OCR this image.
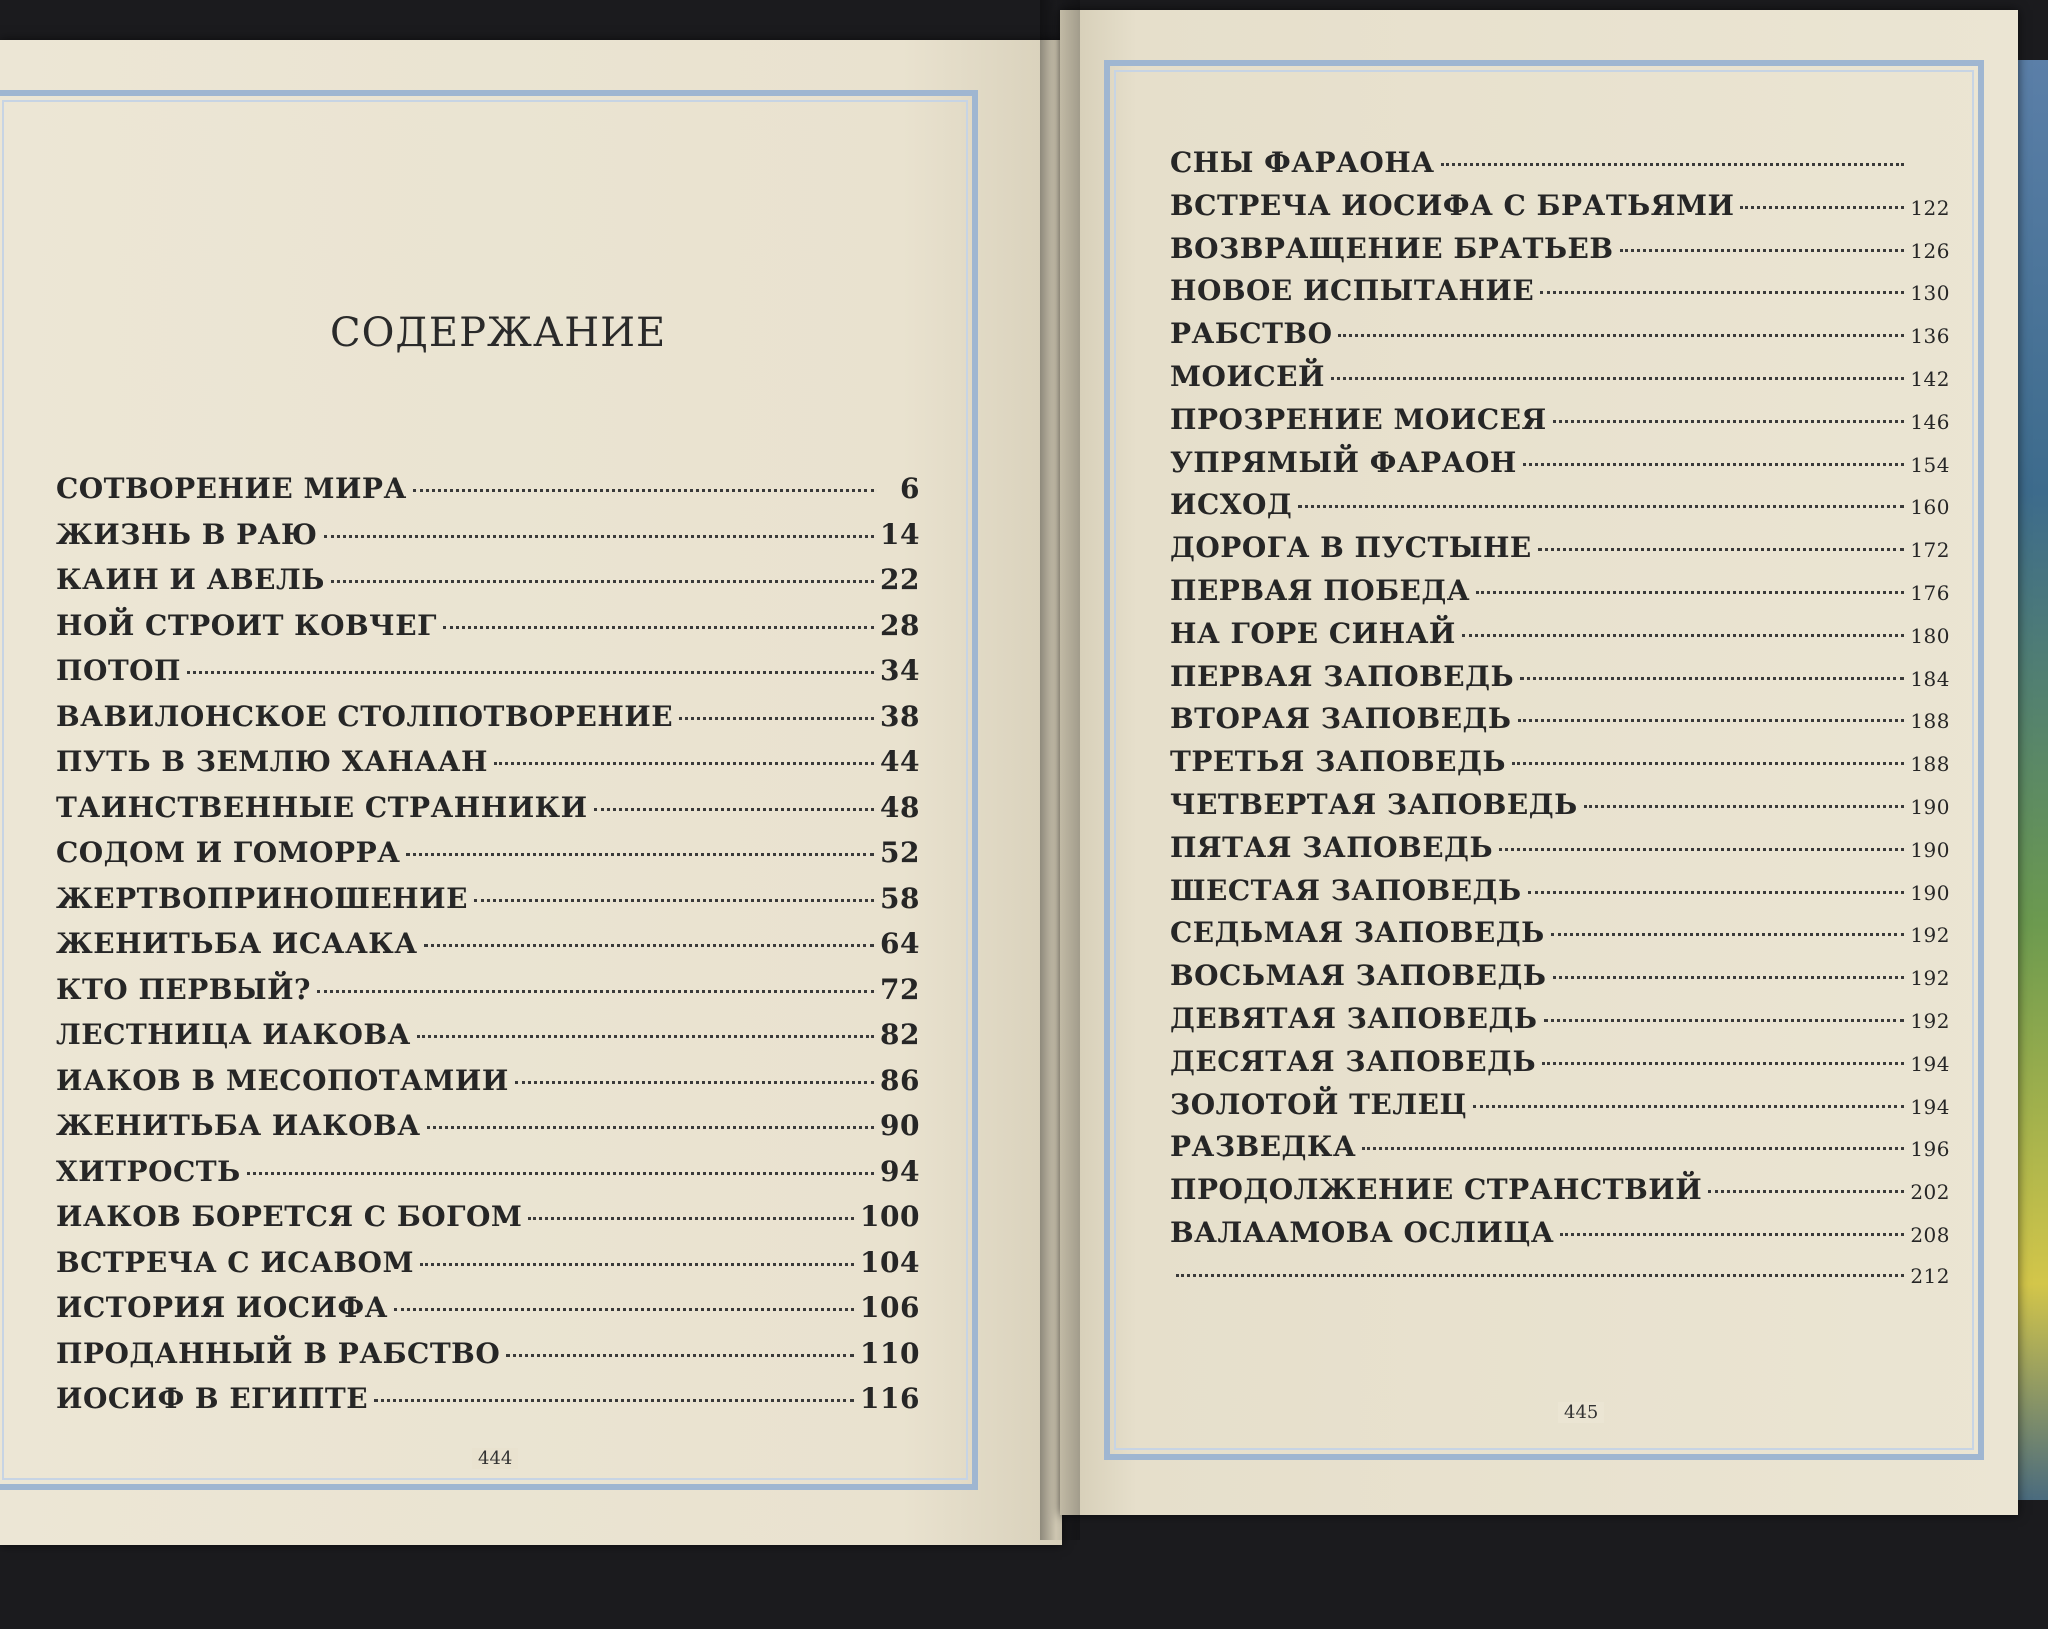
СОДЕРЖАНИЕ
СОТВОРЕНИЕ МИРА	6
ЖИЗНЬ В РАЮ	14
КАИН И АВЕЛЬ	22
НОЙ СТРОИТ КОВЧЕГ	28
ПОТОП	34
ВАВИЛОНСКОЕ СТОЛПОТВОРЕНИЕ	38
ПУТЬ В ЗЕМЛЮ ХАНААН	44
ТАИНСТВЕННЫЕ СТРАННИКИ	48
СОДОМ И ГОМОРРА	52
ЖЕРТВОПРИНОШЕНИЕ	58
ЖЕНИТЬБА ИСААКА	64
КТО ПЕРВЫЙ?	72
ЛЕСТНИЦА ИАКОВА	82
ИАКОВ В МЕСОПОТАМИИ	86
ЖЕНИТЬБА ИАКОВА	90
ХИТРОСТЬ	94
ИАКОВ БОРЕТСЯ С БОГОМ	100
ВСТРЕЧА С ИСАВОМ	104
ИСТОРИЯ ИОСИФА	106
ПРОДАННЫЙ В РАБСТВО	110
ИОСИФ В ЕГИПТЕ	116
444
СНЫ ФАРАОНА
ВСТРЕЧА ИОСИФА С БРАТЬЯМИ	122
ВОЗВРАЩЕНИЕ БРАТЬЕВ	126
НОВОЕ ИСПЫТАНИЕ	130
РАБСТВО	136
МОИСЕЙ	142
ПРОЗРЕНИЕ МОИСЕЯ	146
УПРЯМЫЙ ФАРАОН	154
ИСХОД	160
ДОРОГА В ПУСТЫНЕ	172
ПЕРВАЯ ПОБЕДА	176
НА ГОРЕ СИНАЙ	180
ПЕРВАЯ ЗАПОВЕДЬ	184
ВТОРАЯ ЗАПОВЕДЬ	188
ТРЕТЬЯ ЗАПОВЕДЬ	188
ЧЕТВЕРТАЯ ЗАПОВЕДЬ	190
ПЯТАЯ ЗАПОВЕДЬ	190
ШЕСТАЯ ЗАПОВЕДЬ	190
СЕДЬМАЯ ЗАПОВЕДЬ	192
ВОСЬМАЯ ЗАПОВЕДЬ	192
ДЕВЯТАЯ ЗАПОВЕДЬ	192
ДЕСЯТАЯ ЗАПОВЕДЬ	194
ЗОЛОТОЙ ТЕЛЕЦ	194
РАЗВЕДКА	196
ПРОДОЛЖЕНИЕ СТРАНСТВИЙ	202
ВАЛААМОВА ОСЛИЦА	208
212
445
